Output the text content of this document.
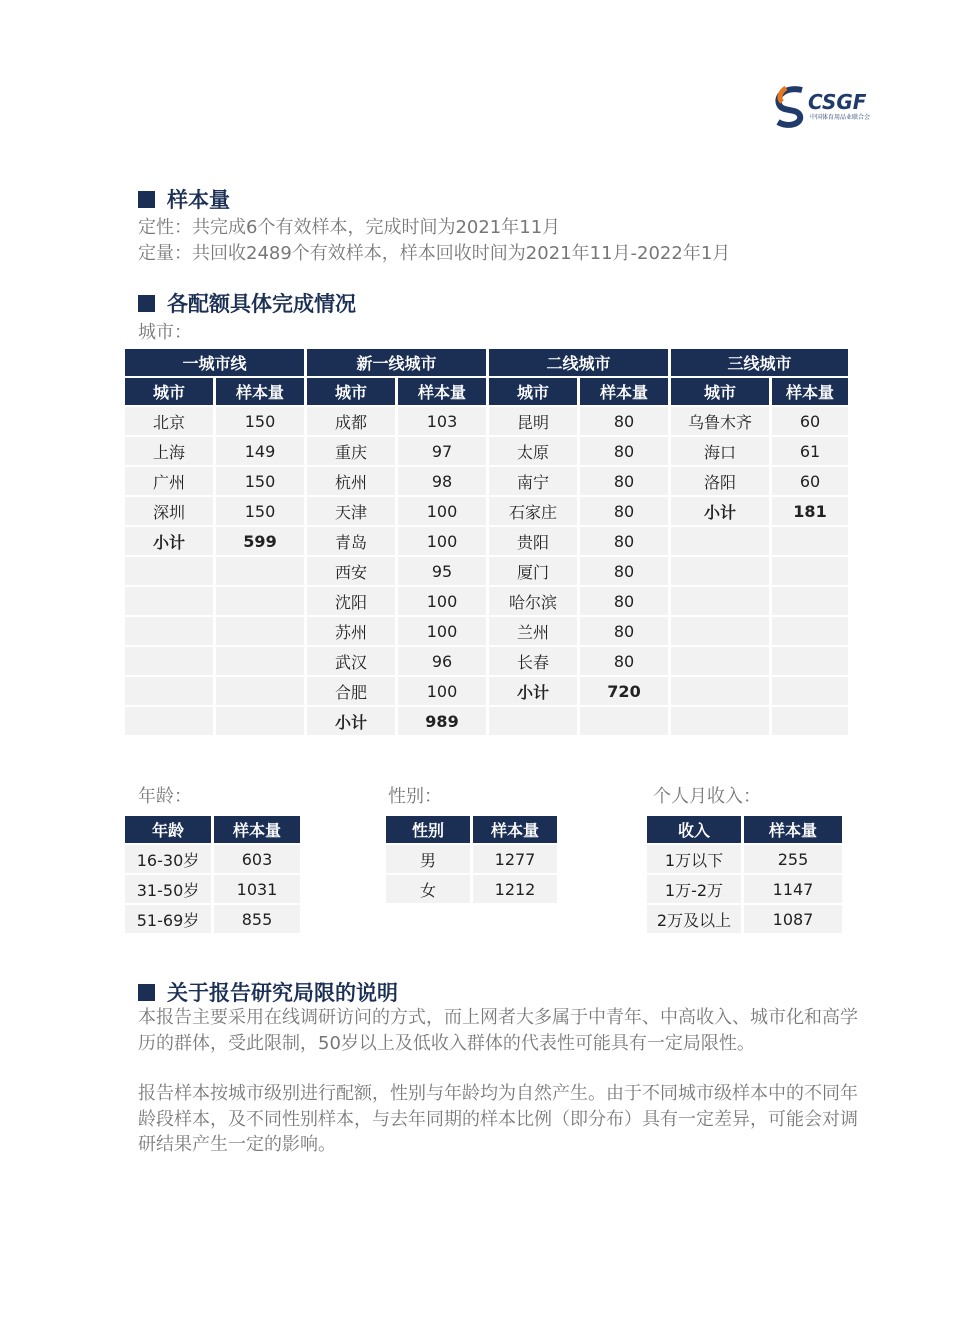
CSGF
中国体育用品业联合会
样本量
定性：共完成6个有效样本，完成时间为2021年11月
定量：共回收2489个有效样本，样本回收时间为2021年11月-2022年1月
各配额具体完成情况
城市：
一城市线		新一线城市		二线城市		三线城市	
城市	样本量	城市	样本量	城市	样本量	城市	样本量
北京	150	成都	103	昆明	80	乌鲁木齐	60
上海	149	重庆	97	太原	80	海口	61
广州	150	杭州	98	南宁	80	洛阳	60
深圳	150	天津	100	石家庄	80	小计	181
小计	599	青岛	100	贵阳	80		
		西安	95	厦门	80		
		沈阳	100	哈尔滨	80		
		苏州	100	兰州	80		
		武汉	96	长春	80		
		合肥	100	小计	720		
		小计	989				
年龄：
年龄	样本量
16-30岁	603
31-50岁	1031
51-69岁	855
性别：
性别	样本量
男	1277
女	1212
个人月收入：
收入	样本量
1万以下	255
1万-2万	1147
2万及以上	1087
关于报告研究局限的说明
本报告主要采用在线调研访问的方式，而上网者大多属于中青年、中高收入、城市化和高学历的群体，受此限制，50岁以上及低收入群体的代表性可能具有一定局限性。
报告样本按城市级别进行配额，性别与年龄均为自然产生。由于不同城市级样本中的不同年龄段样本，及不同性别样本，与去年同期的样本比例（即分布）具有一定差异，可能会对调研结果产生一定的影响。
